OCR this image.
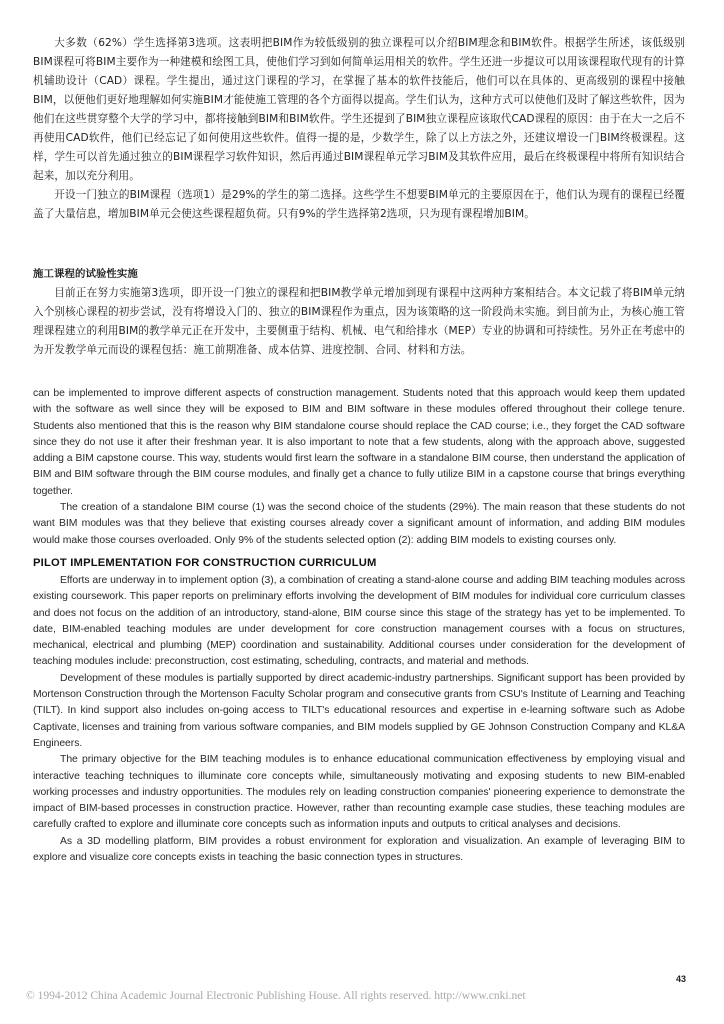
大多数（62%）学生选择第3选项。这表明把BIM作为较低级别的独立课程可以介绍BIM理念和BIM软件。根据学生所述，该低级别BIM课程可将BIM主要作为一种建模和绘图工具，使他们学习到如何简单运用相关的软件。学生还进一步提议可以用该课程取代现有的计算机辅助设计（CAD）课程。学生提出，通过这门课程的学习，在掌握了基本的软件技能后，他们可以在具体的、更高级别的课程中接触BIM，以便他们更好地理解如何实施BIM才能使施工管理的各个方面得以提高。学生们认为，这种方式可以使他们及时了解这些软件，因为他们在这些贯穿整个大学的学习中，都将接触到BIM和BIM软件。学生还提到了BIM独立课程应该取代CAD课程的原因：由于在大一之后不再使用CAD软件，他们已经忘记了如何使用这些软件。值得一提的是，少数学生，除了以上方法之外，还建议增设一门BIM终极课程。这样，学生可以首先通过独立的BIM课程学习软件知识，然后再通过BIM课程单元学习BIM及其软件应用，最后在终极课程中将所有知识结合起来，加以充分利用。

开设一门独立的BIM课程（选项1）是29%的学生的第二选择。这些学生不想要BIM单元的主要原因在于，他们认为现有的课程已经覆盖了大量信息，增加BIM单元会使这些课程超负荷。只有9%的学生选择第2选项，只为现有课程增加BIM。

施工课程的试验性实施

目前正在努力实施第3选项，即开设一门独立的课程和把BIM教学单元增加到现有课程中这两种方案相结合。本文记载了将BIM单元纳入个别核心课程的初步尝试，没有将增设入门的、独立的BIM课程作为重点，因为该策略的这一阶段尚未实施。到目前为止，为核心施工管理课程建立的利用BIM的教学单元正在开发中，主要侧重于结构、机械、电气和给排水（MEP）专业的协调和可持续性。另外正在考虑中的为开发教学单元而设的课程包括：施工前期准备、成本估算、进度控制、合同、材料和方法。

can be implemented to improve different aspects of construction management. Students noted that this approach would keep them updated with the software as well since they will be exposed to BIM and BIM software in these modules offered throughout their college tenure. Students also mentioned that this is the reason why BIM standalone course should replace the CAD course; i.e., they forget the CAD software since they do not use it after their freshman year. It is also important to note that a few students, along with the approach above, suggested adding a BIM capstone course. This way, students would first learn the software in a standalone BIM course, then understand the application of BIM and BIM software through the BIM course modules, and finally get a chance to fully utilize BIM in a capstone course that brings everything together.

The creation of a standalone BIM course (1) was the second choice of the students (29%). The main reason that these students do not want BIM modules was that they believe that existing courses already cover a significant amount of information, and adding BIM modules would make those courses overloaded. Only 9% of the students selected option (2): adding BIM models to existing courses only.

PILOT IMPLEMENTATION FOR CONSTRUCTION CURRICULUM

Efforts are underway in to implement option (3), a combination of creating a stand-alone course and adding BIM teaching modules across existing coursework. This paper reports on preliminary efforts involving the development of BIM modules for individual core curriculum classes and does not focus on the addition of an introductory, stand-alone, BIM course since this stage of the strategy has yet to be implemented. To date, BIM-enabled teaching modules are under development for core construction management courses with a focus on structures, mechanical, electrical and plumbing (MEP) coordination and sustainability. Additional courses under consideration for the development of teaching modules include: preconstruction, cost estimating, scheduling, contracts, and material and methods.

Development of these modules is partially supported by direct academic-industry partnerships. Significant support has been provided by Mortenson Construction through the Mortenson Faculty Scholar program and consecutive grants from CSU's Institute of Learning and Teaching (TILT). In kind support also includes on-going access to TILT's educational resources and expertise in e-learning software such as Adobe Captivate, licenses and training from various software companies, and BIM models supplied by GE Johnson Construction Company and KL&A Engineers.

The primary objective for the BIM teaching modules is to enhance educational communication effectiveness by employing visual and interactive teaching techniques to illuminate core concepts while, simultaneously motivating and exposing students to new BIM-enabled working processes and industry opportunities. The modules rely on leading construction companies' pioneering experience to demonstrate the impact of BIM-based processes in construction practice. However, rather than recounting example case studies, these teaching modules are carefully crafted to explore and illuminate core concepts such as information inputs and outputs to critical analyses and decisions.

As a 3D modelling platform, BIM provides a robust environment for exploration and visualization. An example of leveraging BIM to explore and visualize core concepts exists in teaching the basic connection types in structures.

43
© 1994-2012 China Academic Journal Electronic Publishing House. All rights reserved. http://www.cnki.net
